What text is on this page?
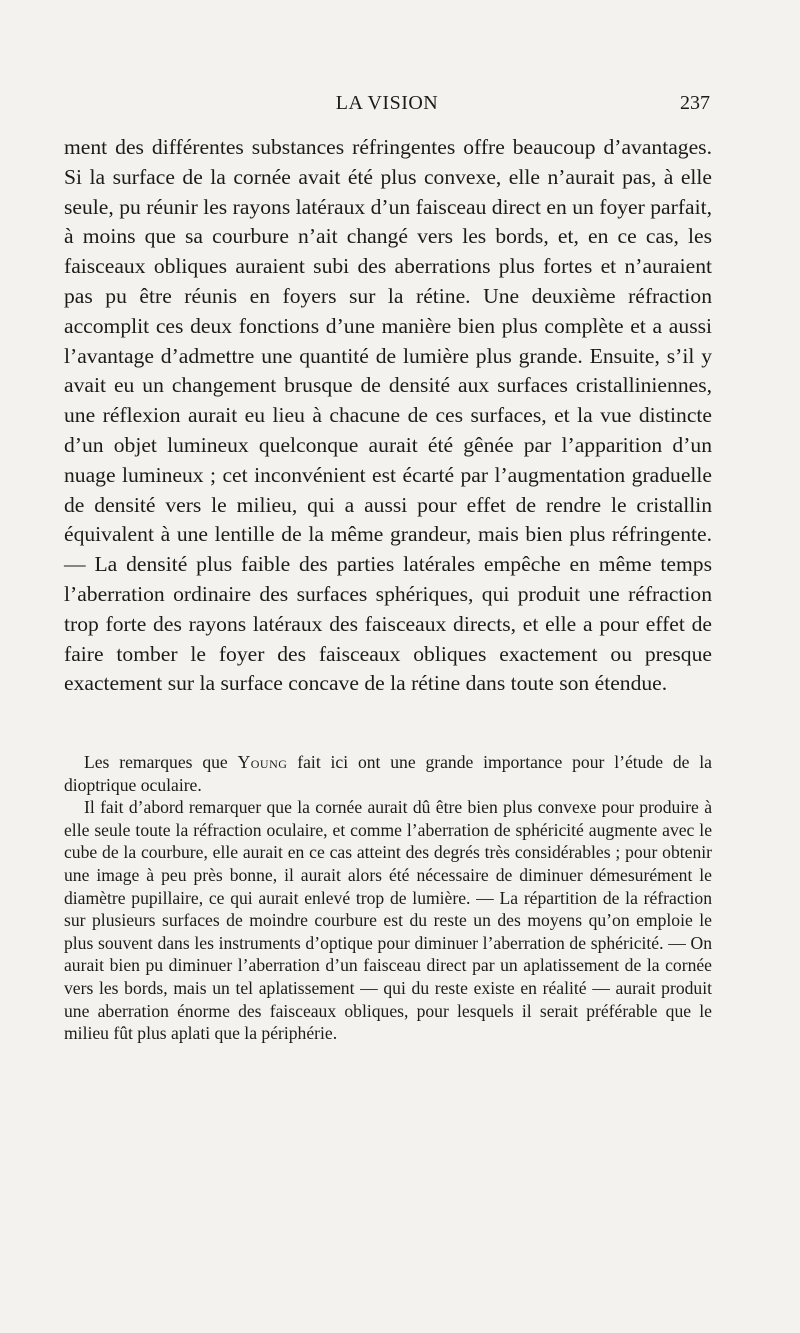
LA VISION	237

ment des différentes substances réfringentes offre beaucoup d’avantages. Si la surface de la cornée avait été plus convexe, elle n’aurait pas, à elle seule, pu réunir les rayons latéraux d’un faisceau direct en un foyer parfait, à moins que sa courbure n’ait changé vers les bords, et, en ce cas, les faisceaux obliques auraient subi des aberrations plus fortes et n’auraient pas pu être réunis en foyers sur la rétine. Une deuxième réfraction accomplit ces deux fonctions d’une manière bien plus complète et a aussi l’avantage d’admettre une quantité de lumière plus grande. Ensuite, s’il y avait eu un changement brusque de densité aux surfaces cristalliniennes, une réflexion aurait eu lieu à chacune de ces surfaces, et la vue distincte d’un objet lumineux quelconque aurait été gênée par l’apparition d’un nuage lumineux ; cet inconvénient est écarté par l’augmentation graduelle de densité vers le milieu, qui a aussi pour effet de rendre le cristallin équivalent à une lentille de la même grandeur, mais bien plus réfringente. — La densité plus faible des parties latérales empêche en même temps l’aberration ordinaire des surfaces sphériques, qui produit une réfraction trop forte des rayons latéraux des faisceaux directs, et elle a pour effet de faire tomber le foyer des faisceaux obliques exactement ou presque exactement sur la surface concave de la rétine dans toute son étendue.

Les remarques que Young fait ici ont une grande importance pour l’étude de la dioptrique oculaire.

Il fait d’abord remarquer que la cornée aurait dû être bien plus convexe pour produire à elle seule toute la réfraction oculaire, et comme l’aberration de sphéricité augmente avec le cube de la courbure, elle aurait en ce cas atteint des degrés très considérables ; pour obtenir une image à peu près bonne, il aurait alors été nécessaire de diminuer démesurément le diamètre pupillaire, ce qui aurait enlevé trop de lumière. — La répartition de la réfraction sur plusieurs surfaces de moindre courbure est du reste un des moyens qu’on emploie le plus souvent dans les instruments d’optique pour diminuer l’aberration de sphéricité. — On aurait bien pu diminuer l’aberration d’un faisceau direct par un aplatissement de la cornée vers les bords, mais un tel aplatissement — qui du reste existe en réalité — aurait produit une aberration énorme des faisceaux obliques, pour lesquels il serait préférable que le milieu fût plus aplati que la périphérie.
